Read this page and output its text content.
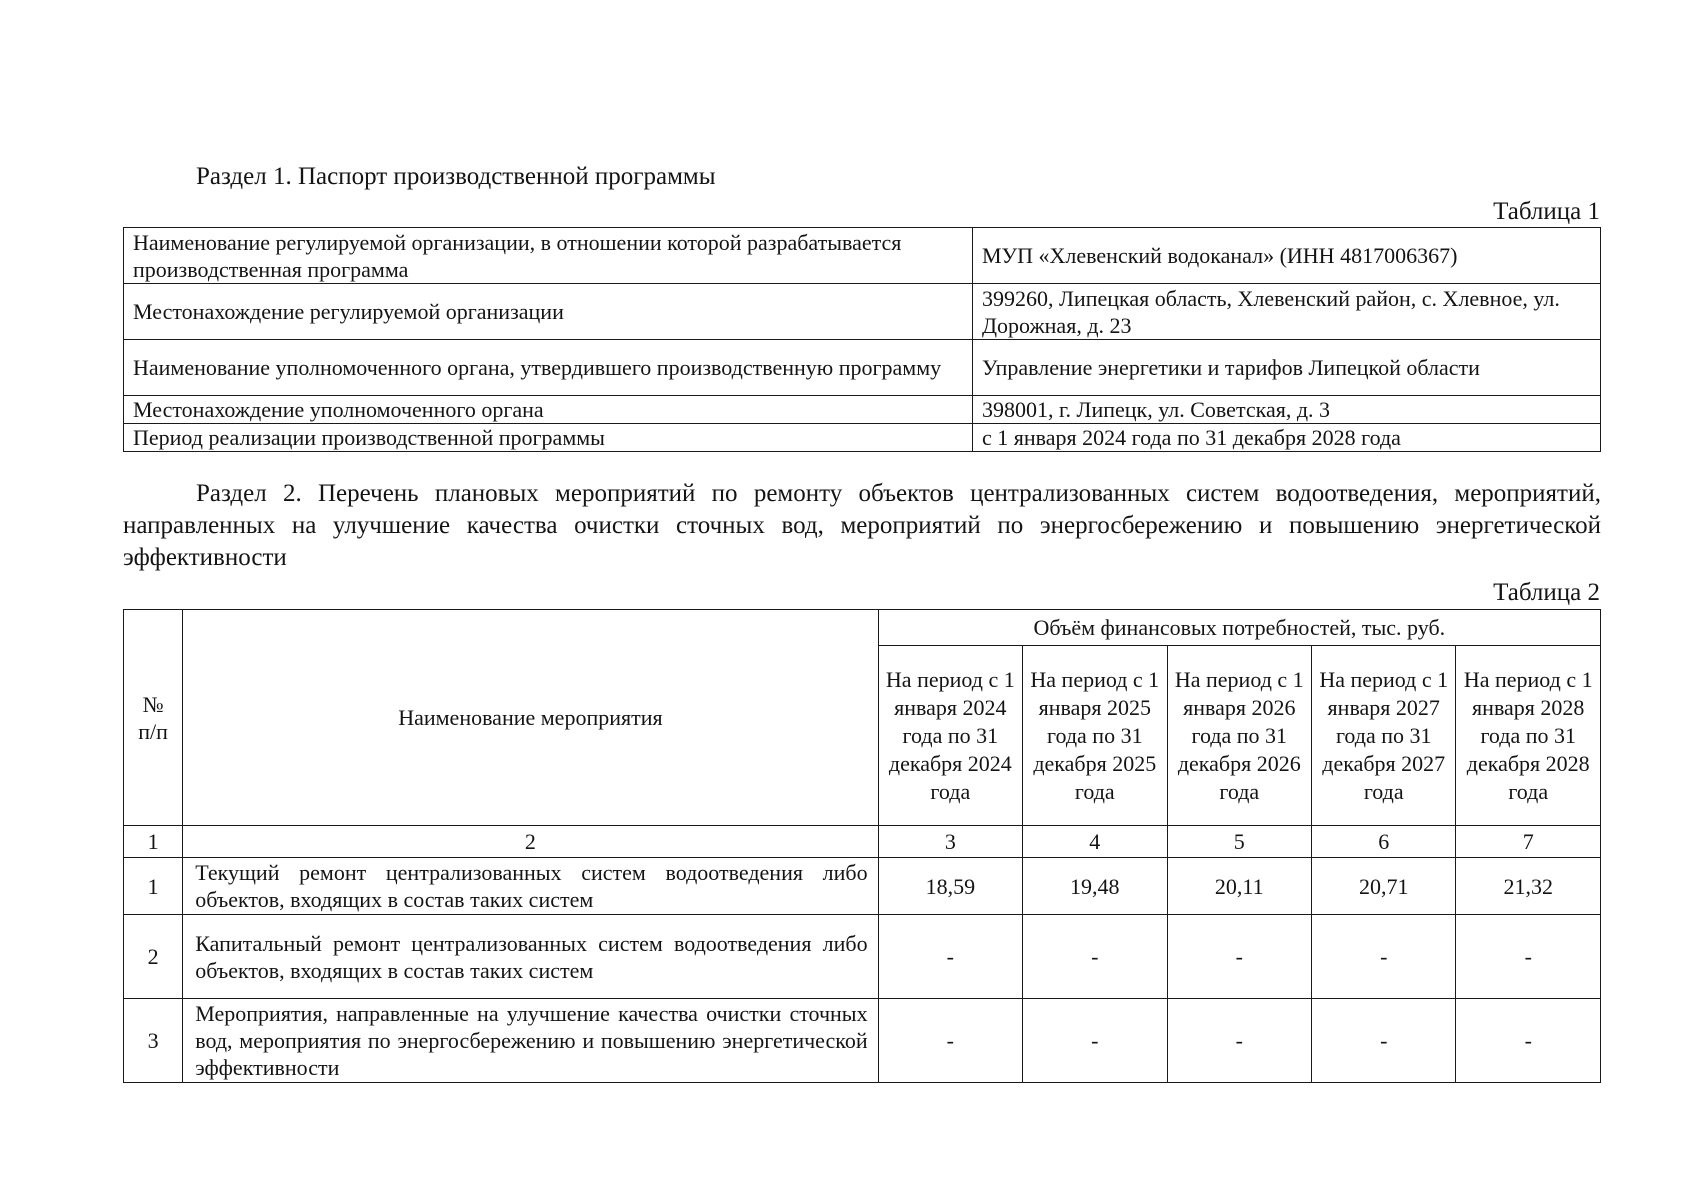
Раздел 1. Паспорт производственной программы
Таблица 1
Наименование регулируемой организации, в отношении которой разрабатывается производственная программа	МУП «Хлевенский водоканал» (ИНН 4817006367)
Местонахождение регулируемой организации	399260, Липецкая область, Хлевенский район, с. Хлевное, ул. Дорожная, д. 23
Наименование уполномоченного органа, утвердившего производственную программу	Управление энергетики и тарифов Липецкой области
Местонахождение уполномоченного органа	398001, г. Липецк, ул. Советская, д. 3
Период реализации производственной программы	с 1 января 2024 года по 31 декабря 2028 года

Раздел 2. Перечень плановых мероприятий по ремонту объектов централизованных систем водоотведения, мероприятий, направленных на улучшение качества очистки сточных вод, мероприятий по энергосбережению и повышению энергетической эффективности

Таблица 2
№ п/п	Наименование мероприятия	Объём финансовых потребностей, тыс. руб.				
		На период с 1 января 2024 года по 31 декабря 2024 года	На период с 1 января 2025 года по 31 декабря 2025 года	На период с 1 января 2026 года по 31 декабря 2026 года	На период с 1 января 2027 года по 31 декабря 2027 года	На период с 1 января 2028 года по 31 декабря 2028 года
1	2	3	4	5	6	7
1	Текущий ремонт централизованных систем водоотведения либо объектов, входящих в состав таких систем	18,59	19,48	20,11	20,71	21,32
2	Капитальный ремонт централизованных систем водоотведения либо объектов, входящих в состав таких систем	-	-	-	-	-
3	Мероприятия, направленные на улучшение качества очистки сточных вод, мероприятия по энергосбережению и повышению энергетической эффективности	-	-	-	-	-
